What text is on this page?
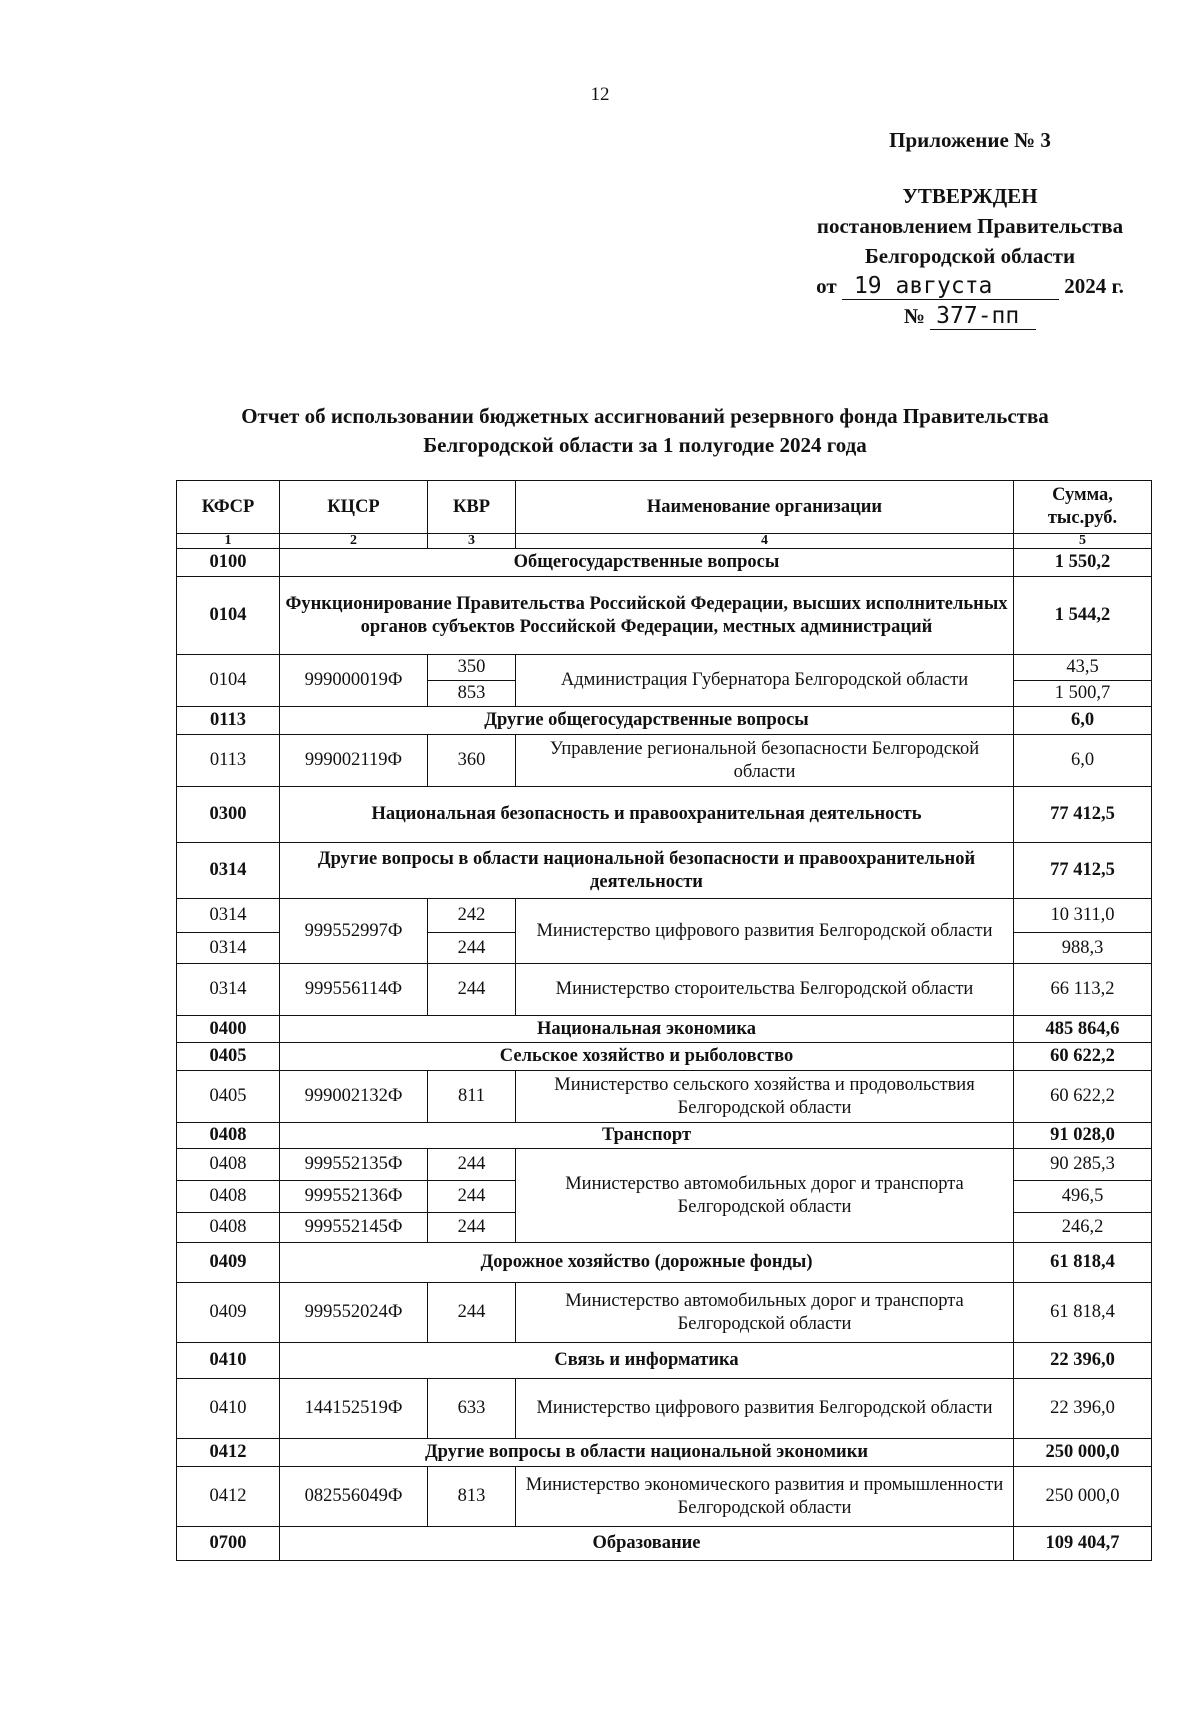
12
Приложение № 3
УТВЕРЖДЕН
постановлением Правительства
Белгородской области
от 19 августа	2024 г.
№ 377-пп
Отчет об использовании бюджетных ассигнований резервного фонда Правительства
Белгородской области за 1 полугодие 2024 года
КФСР	КЦСР	КВР	Наименование организации	Сумма, тыс.руб.
1	2	3	4	5
0100	Общегосударственные вопросы			1 550,2
0104	Функционирование Правительства Российской Федерации, высших исполнительных органов субъектов Российской Федерации, местных администраций			1 544,2
0104	999000019Ф	350	Администрация Губернатора Белгородской области	43,5
		853		1 500,7
0113	Другие общегосударственные вопросы			6,0
0113	999002119Ф	360	Управление региональной безопасности Белгородской области	6,0
0300	Национальная безопасность и правоохранительная деятельность			77 412,5
0314	Другие вопросы в области национальной безопасности и правоохранительной деятельности			77 412,5
0314	999552997Ф	242	Министерство цифрового развития Белгородской области	10 311,0
0314		244		988,3
0314	999556114Ф	244	Министерство стороительства Белгородской области	66 113,2
0400	Национальная экономика			485 864,6
0405	Сельское хозяйство и рыболовство			60 622,2
0405	999002132Ф	811	Министерство сельского хозяйства и продовольствия Белгородской области	60 622,2
0408	Транспорт			91 028,0
0408	999552135Ф	244	Министерство автомобильных дорог и транспорта Белгородской области	90 285,3
0408	999552136Ф	244		496,5
0408	999552145Ф	244		246,2
0409	Дорожное хозяйство (дорожные фонды)			61 818,4
0409	999552024Ф	244	Министерство автомобильных дорог и транспорта Белгородской области	61 818,4
0410	Связь и информатика			22 396,0
0410	144152519Ф	633	Министерство цифрового развития Белгородской области	22 396,0
0412	Другие вопросы в области национальной экономики			250 000,0
0412	082556049Ф	813	Министерство экономического развития и промышленности Белгородской области	250 000,0
0700	Образование			109 404,7
